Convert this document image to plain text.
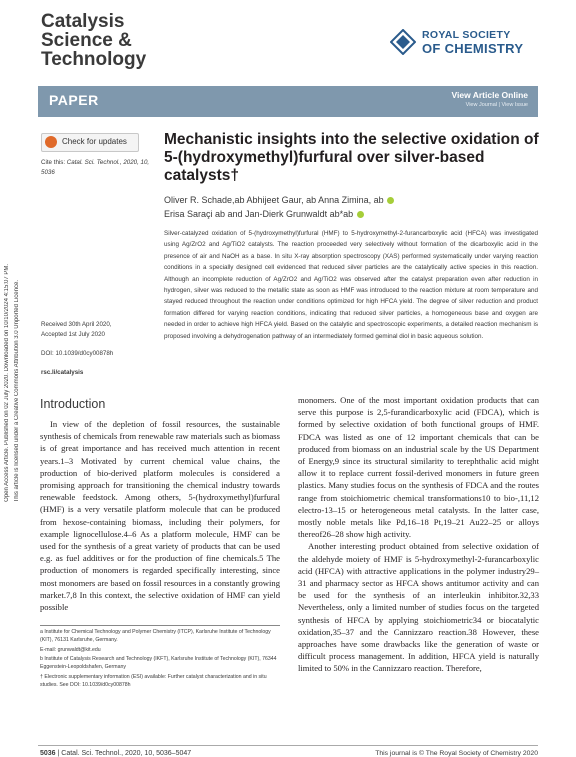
Catalysis
Science &
Technology
ROYAL SOCIETY
OF CHEMISTRY
PAPER	View Article Online
View Journal | View Issue
Check for updates
Cite this: Catal. Sci. Technol., 2020, 10, 5036
Received 30th April 2020,
Accepted 1st July 2020
DOI: 10.1039/d0cy00878h
rsc.li/catalysis
Open Access Article. Published on 02 July 2020. Downloaded on 10/10/2024 4:15:07 PM. This article is licensed under a Creative Commons Attribution 3.0 Unported Licence.
Mechanistic insights into the selective oxidation of 5-(hydroxymethyl)furfural over silver-based catalysts†
Oliver R. Schade,ab Abhijeet Gaur, ab Anna Zimina, ab
Erisa Saraçi ab and Jan-Dierk Grunwaldt ab*ab
Silver-catalyzed oxidation of 5-(hydroxymethyl)furfural (HMF) to 5-hydroxymethyl-2-furancarboxylic acid (HFCA) was investigated using Ag/ZrO2 and Ag/TiO2 catalysts. The reaction proceeded very selectively without formation of the dicarboxylic acid in the presence of air and NaOH as a base. In situ X-ray absorption spectroscopy (XAS) performed systematically under varying reaction conditions in a specially designed cell evidenced that reduced silver particles are the catalytically active species in this reaction. Although an incomplete reduction of Ag/ZrO2 and Ag/TiO2 was observed after the catalyst preparation even after reduction in hydrogen, silver was reduced to the metallic state as soon as HMF was introduced to the reaction mixture at room temperature and stayed reduced throughout the reaction under conditions optimized for high HFCA yield. The degree of silver reduction and product formation differed for varying reaction conditions, indicating that reduced silver particles, a homogeneous base and oxygen are needed in order to achieve high HFCA yield. Based on the catalytic and spectroscopic experiments, a detailed reaction mechanism is proposed involving a dehydrogenation pathway of an intermediately formed geminal diol in basic aqueous solution.
Introduction

In view of the depletion of fossil resources, the sustainable synthesis of chemicals from renewable raw materials such as biomass is of great importance and has received much attention in recent years.1–3 Motivated by current chemical value chains, the production of bio-derived platform molecules is considered a promising approach for transitioning the chemical industry towards renewable feedstock. Among others, 5-(hydroxymethyl)furfural (HMF) is a very versatile platform molecule that can be produced from hexose-containing biomass, including their polymers, for example lignocellulose.4–6 As a platform molecule, HMF can be used for the synthesis of a great variety of products that can be used e.g. as fuel additives or for the production of fine chemicals.5 The production of monomers is regarded specifically interesting, since most monomers are based on fossil resources in a constantly growing market.7,8 In this context, the selective oxidation of HMF can yield possible

monomers. One of the most important oxidation products that can serve this purpose is 2,5-furandicarboxylic acid (FDCA), which is formed by selective oxidation of both functional groups of HMF. FDCA was listed as one of 12 important chemicals that can be produced from biomass on an industrial scale by the US Department of Energy,9 since its structural similarity to terephthalic acid might allow it to replace current fossil-derived monomers in future green plastics. Many studies focus on the synthesis of FDCA and the routes range from stoichiometric chemical transformations10 to bio-,11,12 electro-13–15 or heterogeneous metal catalysts. In the latter case, mostly noble metals like Pd,16–18 Pt,19–21 Au22–25 or alloys thereof26–28 show high activity.

Another interesting product obtained from selective oxidation of the aldehyde moiety of HMF is 5-hydroxymethyl-2-furancarboxylic acid (HFCA) with attractive applications in the polymer industry29–31 and pharmacy sector as HFCA shows antitumor activity and can be used for the synthesis of an interleukin inhibitor.32,33 Nevertheless, only a limited number of studies focus on the targeted synthesis of HFCA by applying stoichiometric34 or biocatalytic oxidation,35–37 and the Cannizzaro reaction.38 However, these approaches have some drawbacks like the generation of waste or difficult process management. In addition, HFCA yield is naturally limited to 50% in the Cannizzaro reaction. Therefore,

a Institute for Chemical Technology and Polymer Chemistry (ITCP), Karlsruhe Institute of Technology (KIT), 76131 Karlsruhe, Germany.

E-mail: grunwaldt@kit.edu

b Institute of Catalysis Research and Technology (IKFT), Karlsruhe Institute of Technology (KIT), 76344 Eggenstein-Leopoldshafen, Germany

† Electronic supplementary information (ESI) available: Further catalyst characterization and in situ studies. See DOI: 10.1039/d0cy00878h

5036 | Catal. Sci. Technol., 2020, 10, 5036–5047	This journal is © The Royal Society of Chemistry 2020
